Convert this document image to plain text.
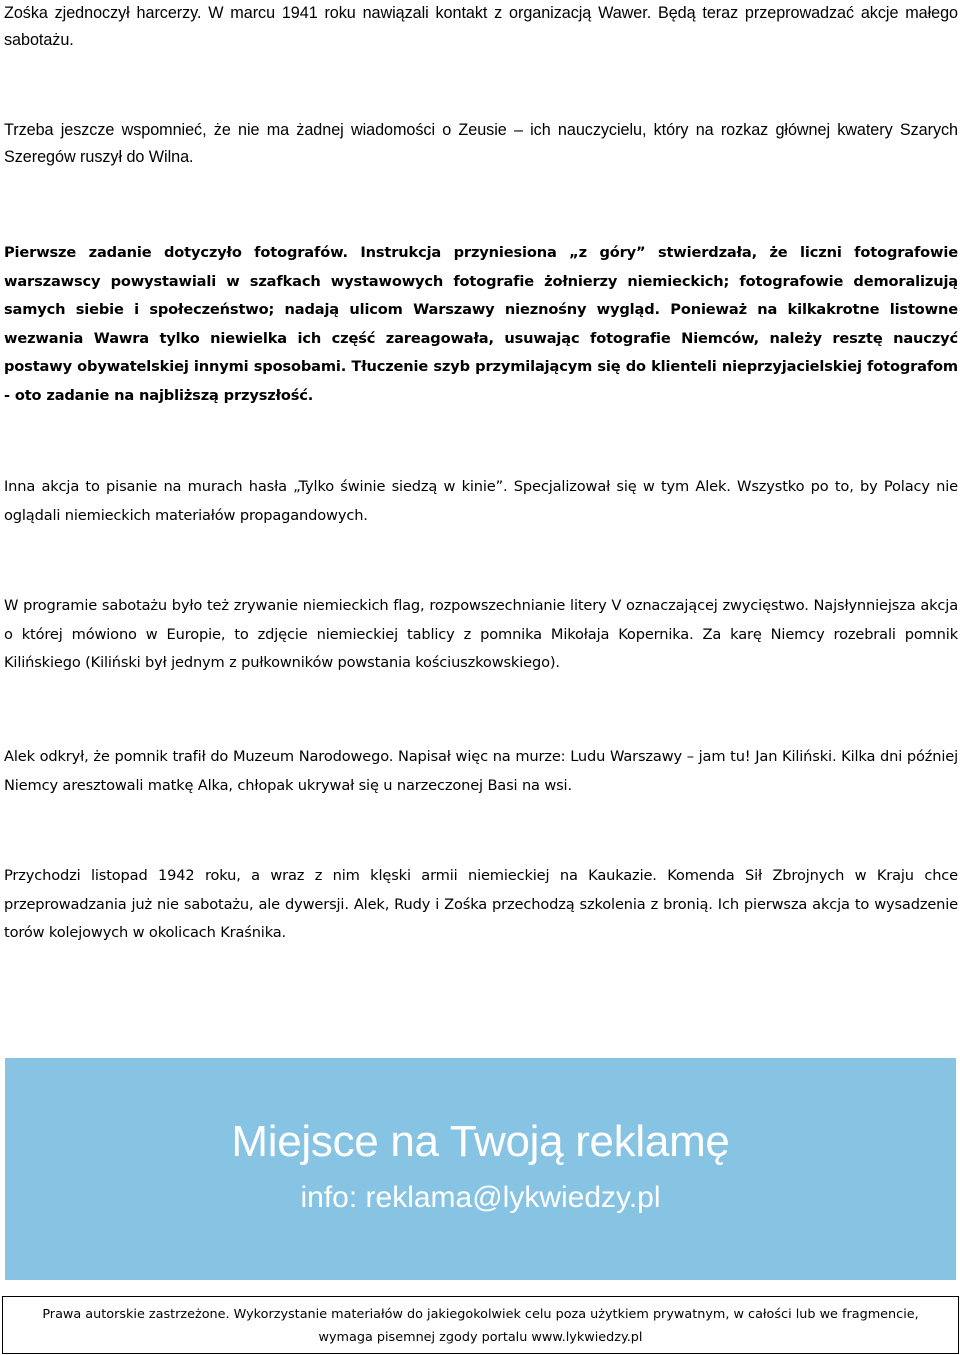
Zośka zjednoczył harcerzy. W marcu 1941 roku nawiązali kontakt z organizacją Wawer. Będą teraz przeprowadzać akcje małego sabotażu.

Trzeba jeszcze wspomnieć, że nie ma żadnej wiadomości o Zeusie – ich nauczycielu, który na rozkaz głównej kwatery Szarych Szeregów ruszył do Wilna.

Pierwsze zadanie dotyczyło fotografów. Instrukcja przyniesiona „z góry” stwierdzała, że liczni fotografowie warszawscy powystawiali w szafkach wystawowych fotografie żołnierzy niemieckich; fotografowie demoralizują samych siebie i społeczeństwo; nadają ulicom Warszawy nieznośny wygląd. Ponieważ na kilkakrotne listowne wezwania Wawra tylko niewielka ich część zareagowała, usuwając fotografie Niemców, należy resztę nauczyć postawy obywatelskiej innymi sposobami. Tłuczenie szyb przymilającym się do klienteli nieprzyjacielskiej fotografom - oto zadanie na najbliższą przyszłość.

Inna akcja to pisanie na murach hasła „Tylko świnie siedzą w kinie”. Specjalizował się w tym Alek. Wszystko po to, by Polacy nie oglądali niemieckich materiałów propagandowych.

W programie sabotażu było też zrywanie niemieckich flag, rozpowszechnianie litery V oznaczającej zwycięstwo. Najsłynniejsza akcja o której mówiono w Europie, to zdjęcie niemieckiej tablicy z pomnika Mikołaja Kopernika. Za karę Niemcy rozebrali pomnik Kilińskiego (Kiliński był jednym z pułkowników powstania kościuszkowskiego).

Alek odkrył, że pomnik trafił do Muzeum Narodowego. Napisał więc na murze: Ludu Warszawy – jam tu! Jan Kiliński. Kilka dni później Niemcy aresztowali matkę Alka, chłopak ukrywał się u narzeczonej Basi na wsi.

Przychodzi listopad 1942 roku, a wraz z nim klęski armii niemieckiej na Kaukazie. Komenda Sił Zbrojnych w Kraju chce przeprowadzania już nie sabotażu, ale dywersji. Alek, Rudy i Zośka przechodzą szkolenia z bronią. Ich pierwsza akcja to wysadzenie torów kolejowych w okolicach Kraśnika.

Miejsce na Twoją reklamę
info: reklama@lykwiedzy.pl
Prawa autorskie zastrzeżone. Wykorzystanie materiałów do jakiegokolwiek celu poza użytkiem prywatnym, w całości lub we fragmencie,
wymaga pisemnej zgody portalu www.lykwiedzy.pl
